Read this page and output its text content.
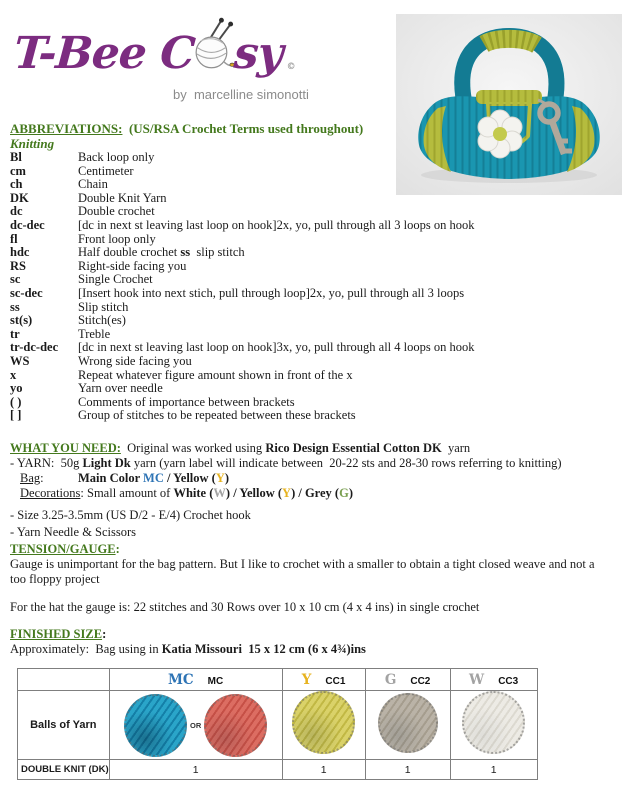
T-Bee C sy ©
by  marcelline simonotti
ABBREVIATIONS:  (US/RSA Crochet Terms used throughout)
Knitting
Bl	Back loop only
cm	Centimeter
ch	Chain
DK	Double Knit Yarn
dc	Double crochet
dc-dec	[dc in next st leaving last loop on hook]2x, yo, pull through all 3 loops on hook
fl	Front loop only
hdc	Half double crochet ss  slip stitch
RS	Right-side facing you
sc	Single Crochet
sc-dec	[Insert hook into next stich, pull through loop]2x, yo, pull through all 3 loops
ss	Slip stitch
st(s)	Stitch(es)
tr	Treble
tr-dc-dec	[dc in next st leaving last loop on hook]3x, yo, pull through all 4 loops on hook
WS	Wrong side facing you
x	Repeat whatever figure amount shown in front of the x
yo	Yarn over needle
( )	Comments of importance between brackets
[ ]	Group of stitches to be repeated between these brackets
WHAT YOU NEED:  Original was worked using Rico Design Essential Cotton DK  yarn
- YARN:  50g Light Dk yarn (yarn label will indicate between  20-22 sts and 28-30 rows referring to knitting)
Bag:           Main Color MC / Yellow (Y)
Decorations: Small amount of White (W) / Yellow (Y) / Grey (G)
- Size 3.25-3.5mm (US D/2 - E/4) Crochet hook
- Yarn Needle & Scissors
TENSION/GAUGE:
Gauge is unimportant for the bag pattern. But I like to crochet with a smaller to obtain a tight closed weave and not a too floppy project
For the hat the gauge is: 22 stitches and 30 Rows over 10 x 10 cm (4 x 4 ins) in single crochet
FINISHED SIZE:
Approximately:  Bag using in Katia Missouri  15 x 12 cm (6 x 4¾)ins
	MC MC	Y CC1	G CC2	W CC3
Balls of Yarn	OR			

DOUBLE KNIT (DK)	1	1	1	1
